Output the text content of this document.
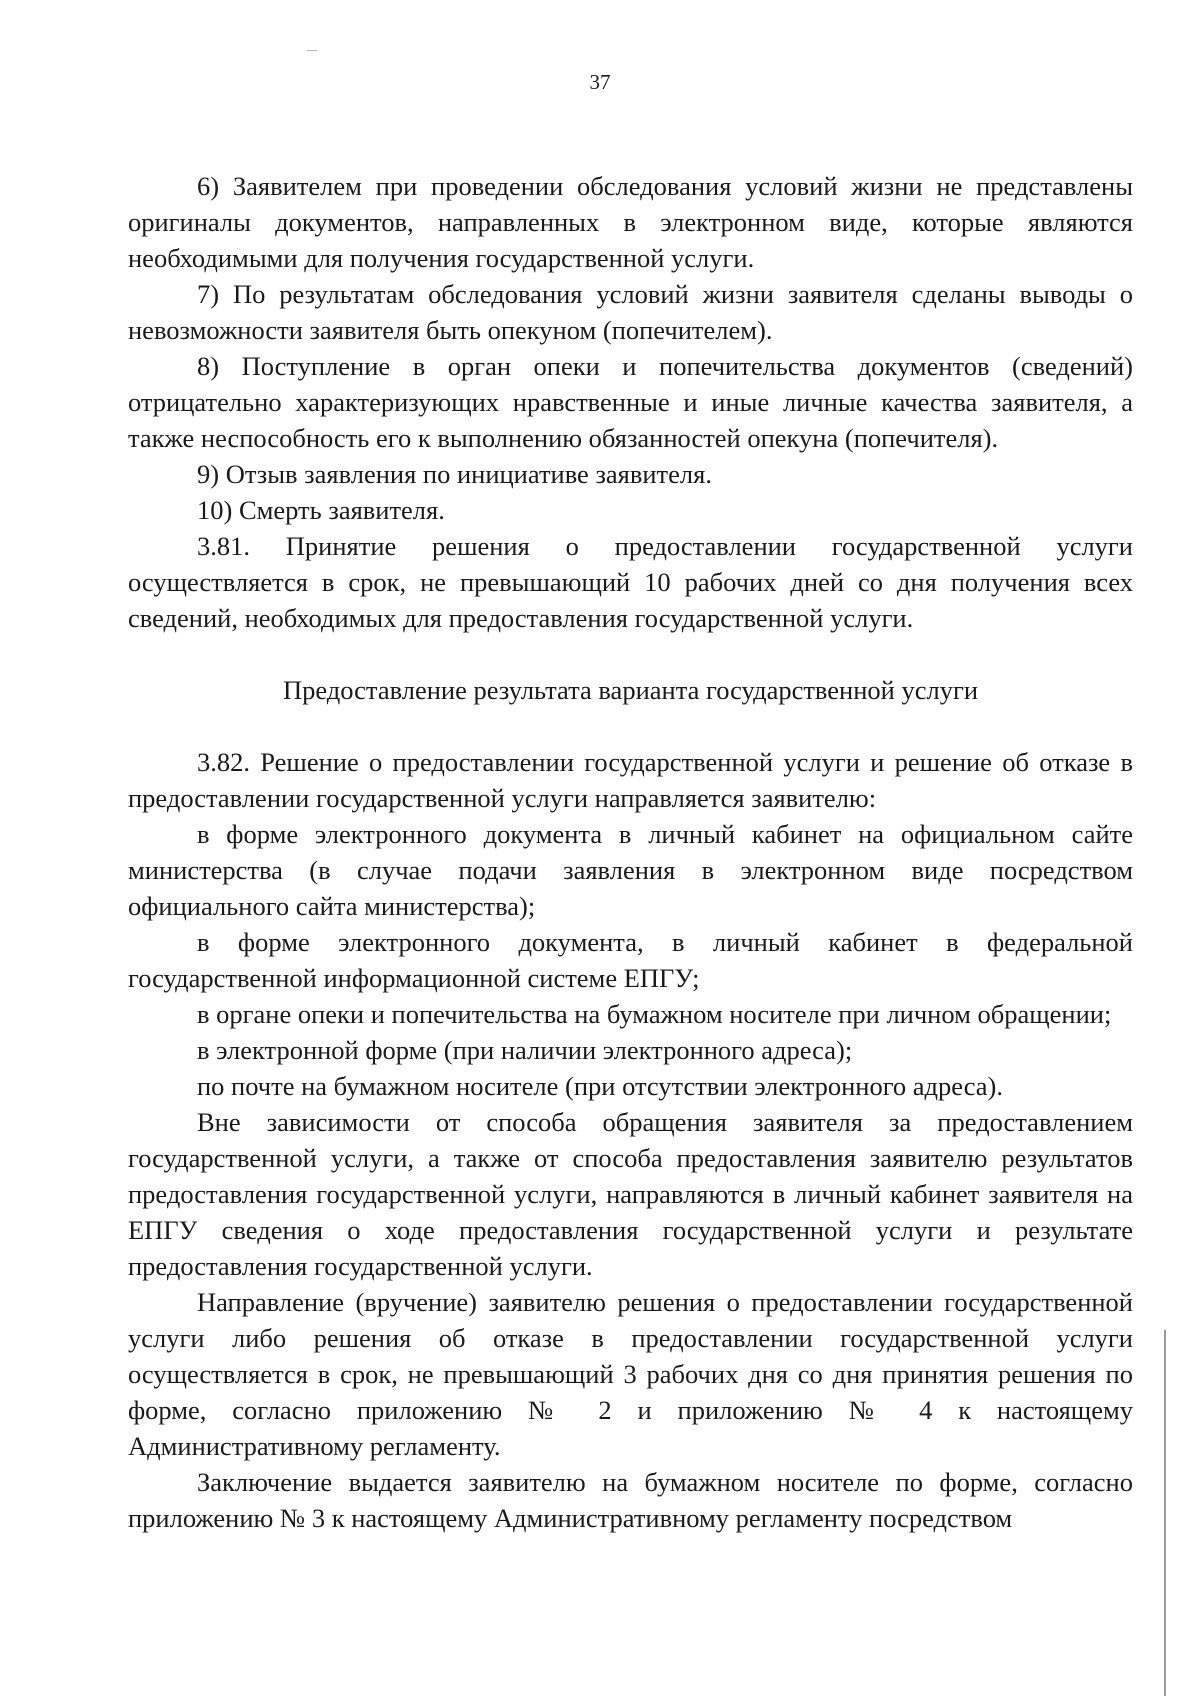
37

6) Заявителем при проведении обследования условий жизни не представлены оригиналы документов, направленных в электронном виде, которые являются необходимыми для получения государственной услуги.

7) По результатам обследования условий жизни заявителя сделаны выводы о невозможности заявителя быть опекуном (попечителем).

8) Поступление в орган опеки и попечительства документов (сведений) отрицательно характеризующих нравственные и иные личные качества заявителя, а также неспособность его к выполнению обязанностей опекуна (попечителя).

9) Отзыв заявления по инициативе заявителя.

10) Смерть заявителя.

3.81. Принятие решения о предоставлении государственной услуги осуществляется в срок, не превышающий 10 рабочих дней со дня получения всех сведений, необходимых для предоставления государственной услуги.

Предоставление результата варианта государственной услуги

3.82. Решение о предоставлении государственной услуги и решение об отказе в предоставлении государственной услуги направляется заявителю:

в форме электронного документа в личный кабинет на официальном сайте министерства (в случае подачи заявления в электронном виде посредством официального сайта министерства);

в форме электронного документа, в личный кабинет в федеральной государственной информационной системе ЕПГУ;

в органе опеки и попечительства на бумажном носителе при личном обращении;

в электронной форме (при наличии электронного адреса);

по почте на бумажном носителе (при отсутствии электронного адреса).

Вне зависимости от способа обращения заявителя за предоставлением государственной услуги, а также от способа предоставления заявителю результатов предоставления государственной услуги, направляются в личный кабинет заявителя на ЕПГУ сведения о ходе предоставления государственной услуги и результате предоставления государственной услуги.

Направление (вручение) заявителю решения о предоставлении государственной услуги либо решения об отказе в предоставлении государственной услуги осуществляется в срок, не превышающий 3 рабочих дня со дня принятия решения по форме, согласно приложению № 2 и приложению № 4 к настоящему Административному регламенту.

Заключение выдается заявителю на бумажном носителе по форме, согласно приложению № 3 к настоящему Административному регламенту посредством
